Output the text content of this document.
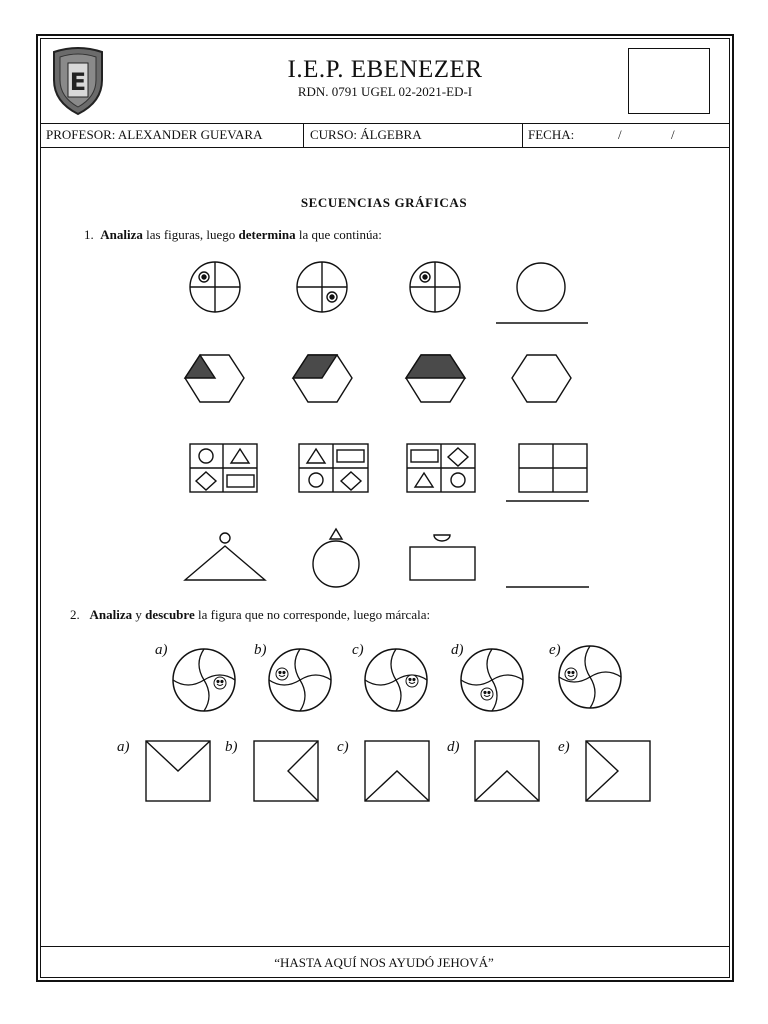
E	I.E.P. EBENEZER
RDN. 0791 UGEL 02-2021-ED-I
PROFESOR: ALEXANDER GUEVARA	CURSO: ÁLGEBRA	FECHA:	/	/
SECUENCIAS GRÁFICAS
1. Analiza las figuras, luego determina la que continúa:
2. Analiza y descubre la figura que no corresponde, luego márcala:
“HASTA AQUÍ NOS AYUDÓ JEHOVÁ”
a)	b)	c)	d)	e)
a)	b)	c)	d)	e)
